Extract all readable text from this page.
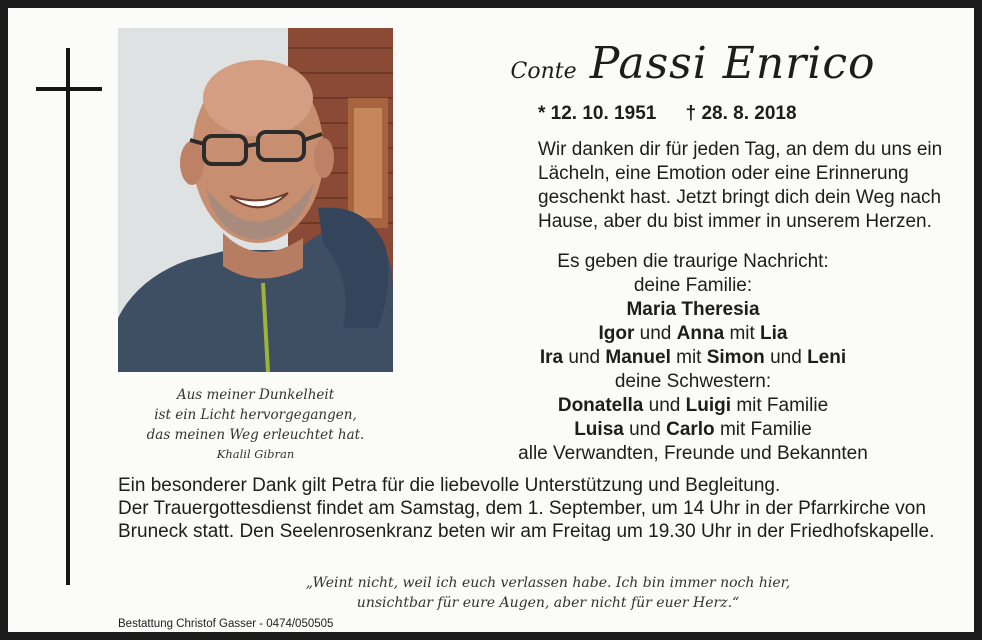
Aus meiner Dunkelheit
ist ein Licht hervorgegangen,
das meinen Weg erleuchtet hat.
Khalil Gibran
Conte Passi Enrico
* 12. 10. 1951 † 28. 8. 2018
Wir danken dir für jeden Tag, an dem du uns ein Lächeln, eine Emotion oder eine Erinnerung geschenkt hast. Jetzt bringt dich dein Weg nach Hause, aber du bist immer in unserem Herzen.
Es geben die traurige Nachricht:
deine Familie:
Maria Theresia
Igor und Anna mit Lia
Ira und Manuel mit Simon und Leni
deine Schwestern:
Donatella und Luigi mit Familie
Luisa und Carlo mit Familie
alle Verwandten, Freunde und Bekannten
Ein besonderer Dank gilt Petra für die liebevolle Unterstützung und Begleitung.
Der Trauergottesdienst findet am Samstag, dem 1. September, um 14 Uhr in der Pfarrkirche von Bruneck statt. Den Seelenrosenkranz beten wir am Freitag um 19.30 Uhr in der Friedhofskapelle.
„Weint nicht, weil ich euch verlassen habe. Ich bin immer noch hier,
unsichtbar für eure Augen, aber nicht für euer Herz.“
Bestattung Christof Gasser - 0474/050505
